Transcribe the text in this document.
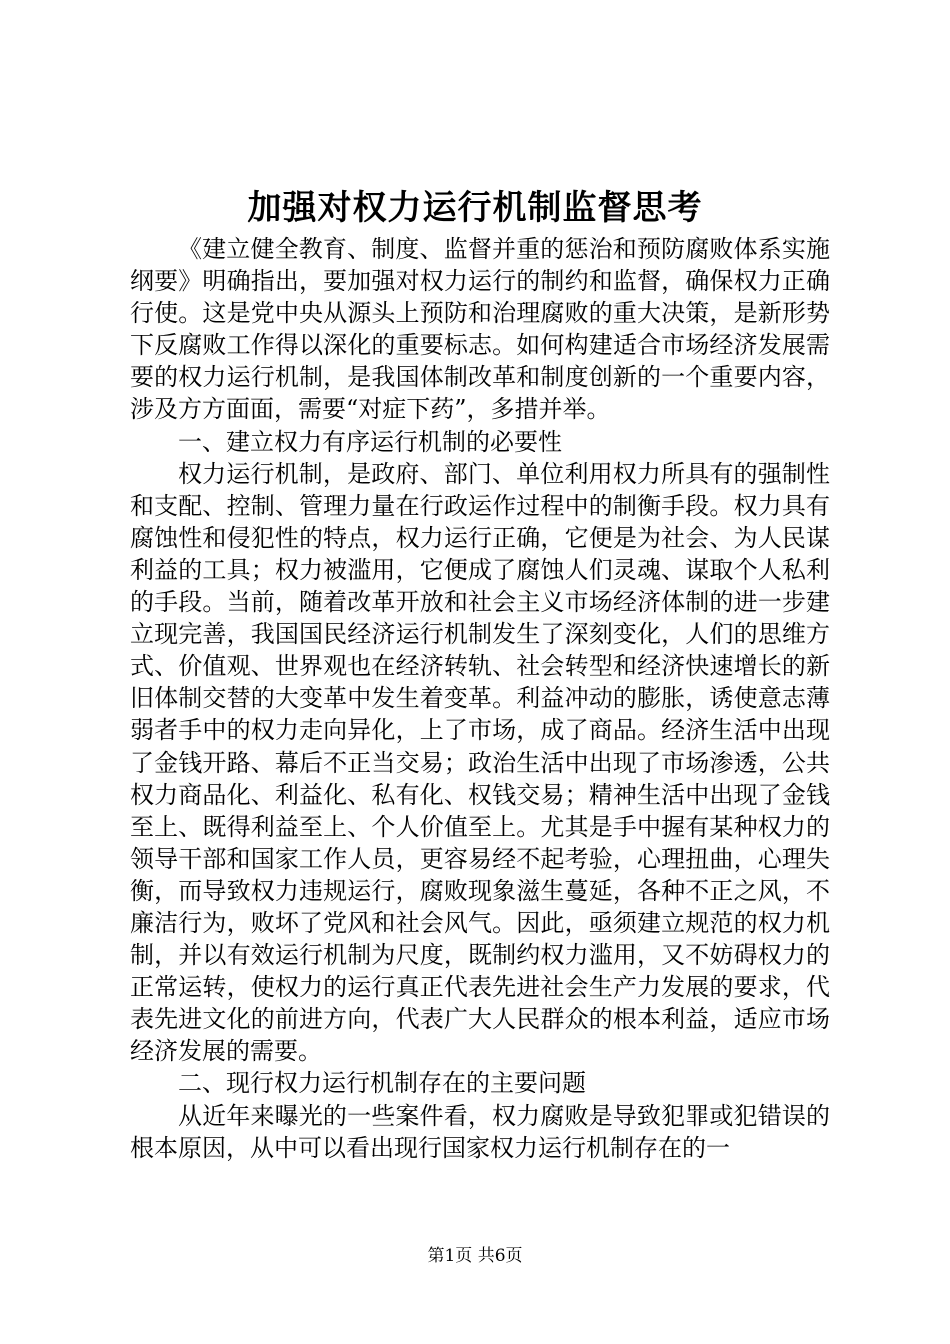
加强对权力运行机制监督思考

《建立健全教育、制度、监督并重的惩治和预防腐败体系实施纲要》明确指出，要加强对权力运行的制约和监督，确保权力正确行使。这是党中央从源头上预防和治理腐败的重大决策，是新形势下反腐败工作得以深化的重要标志。如何构建适合市场经济发展需要的权力运行机制，是我国体制改革和制度创新的一个重要内容，涉及方方面面，需要“对症下药”，多措并举。

一、建立权力有序运行机制的必要性

权力运行机制，是政府、部门、单位利用权力所具有的强制性和支配、控制、管理力量在行政运作过程中的制衡手段。权力具有腐蚀性和侵犯性的特点，权力运行正确，它便是为社会、为人民谋利益的工具；权力被滥用，它便成了腐蚀人们灵魂、谋取个人私利的手段。当前，随着改革开放和社会主义市场经济体制的进一步建立现完善，我国国民经济运行机制发生了深刻变化，人们的思维方式、价值观、世界观也在经济转轨、社会转型和经济快速增长的新旧体制交替的大变革中发生着变革。利益冲动的膨胀，诱使意志薄弱者手中的权力走向异化，上了市场，成了商品。经济生活中出现了金钱开路、幕后不正当交易；政治生活中出现了市场渗透，公共权力商品化、利益化、私有化、权钱交易；精神生活中出现了金钱至上、既得利益至上、个人价值至上。尤其是手中握有某种权力的领导干部和国家工作人员，更容易经不起考验，心理扭曲，心理失衡，而导致权力违规运行，腐败现象滋生蔓延，各种不正之风，不廉洁行为，败坏了党风和社会风气。因此，亟须建立规范的权力机制，并以有效运行机制为尺度，既制约权力滥用，又不妨碍权力的正常运转，使权力的运行真正代表先进社会生产力发展的要求，代表先进文化的前进方向，代表广大人民群众的根本利益，适应市场经济发展的需要。

二、现行权力运行机制存在的主要问题

从近年来曝光的一些案件看，权力腐败是导致犯罪或犯错误的根本原因，从中可以看出现行国家权力运行机制存在的一

第1页 共6页
